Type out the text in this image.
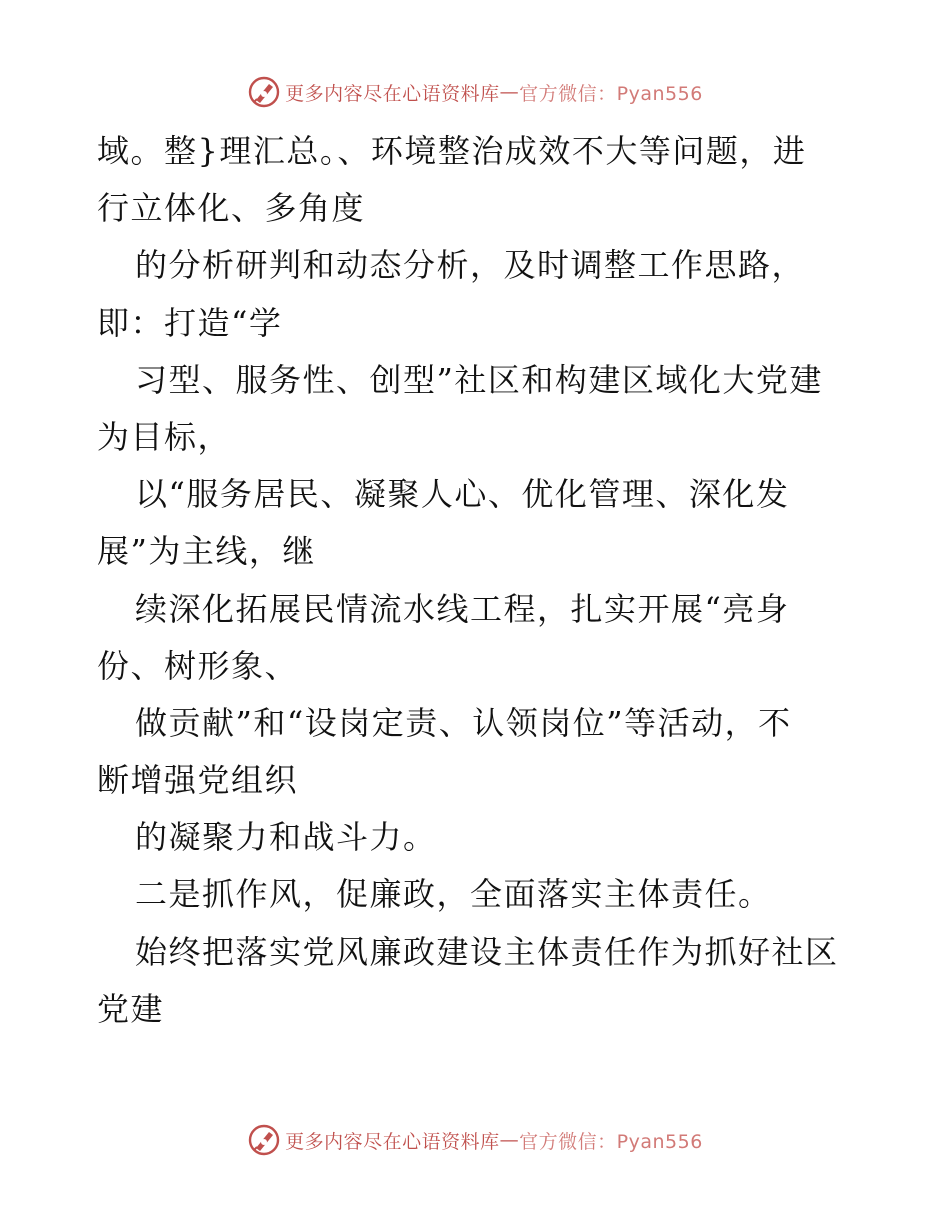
更多内容尽在心语资料库 — 官方微信：Pyan556
域。整}理汇总。、环境整治成效不大等问题，进
行立体化、多角度
的分析研判和动态分析，及时调整工作思路，
即：打造“学
习型、服务性、创型”社区和构建区域化大党建
为目标，
以“服务居民、凝聚人心、优化管理、深化发
展”为主线，继
续深化拓展民情流水线工程，扎实开展“亮身
份、树形象、
做贡献”和“设岗定责、认领岗位”等活动，不
断增强党组织
的凝聚力和战斗力。
二是抓作风，促廉政，全面落实主体责任。
始终把落实党风廉政建设主体责任作为抓好社区
党建
更多内容尽在心语资料库 — 官方微信：Pyan556
